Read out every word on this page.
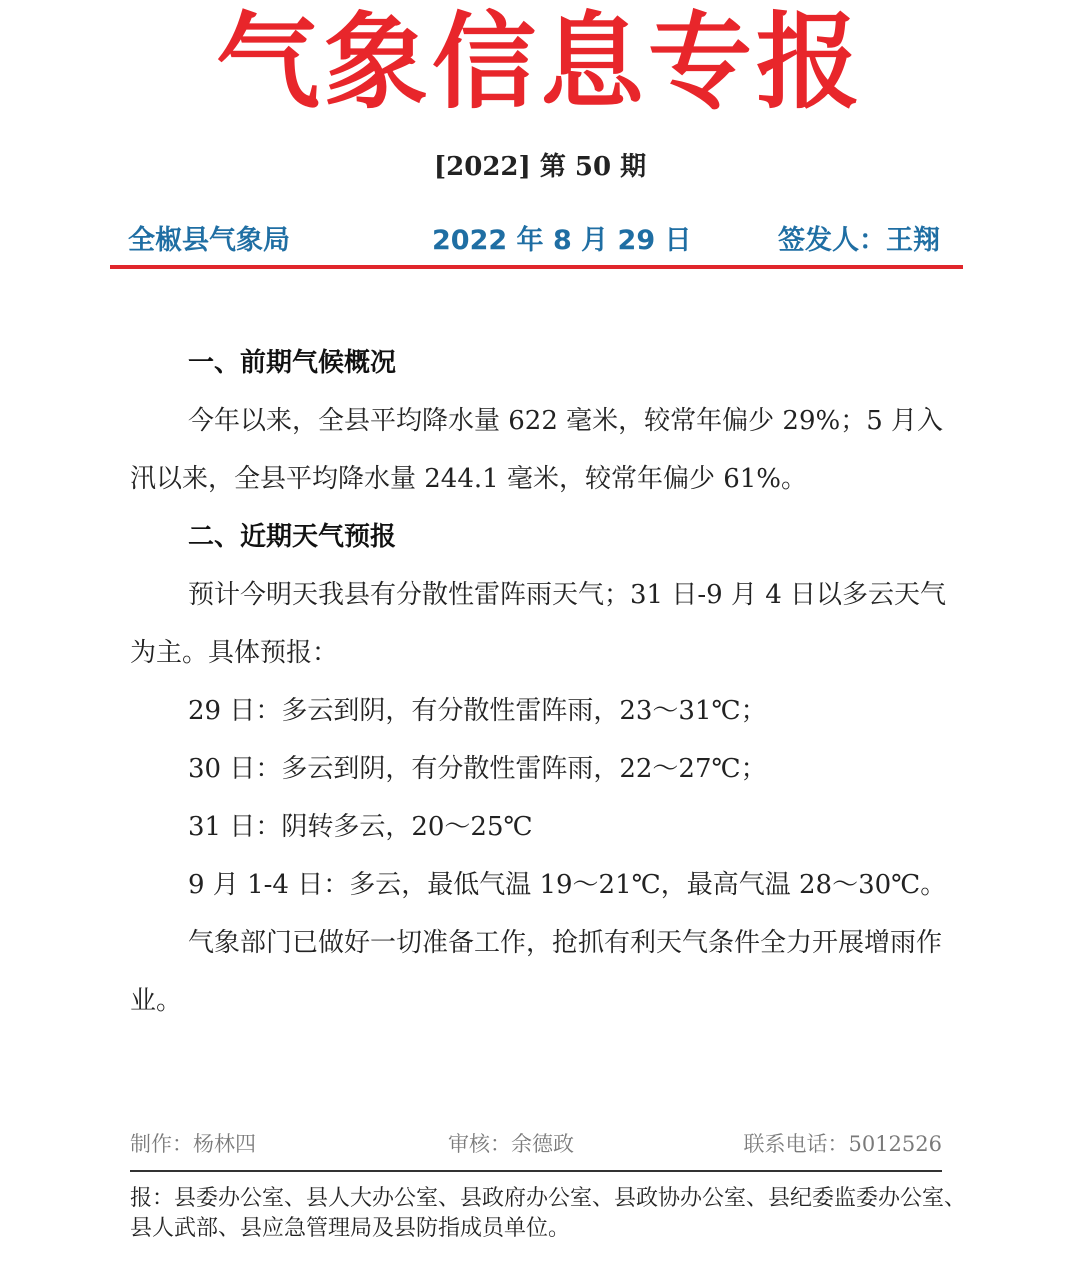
气象信息专报
[2022] 第 50 期
全椒县气象局	2022 年 8 月 29 日	签发人：王翔

一、前期气候概况

今年以来，全县平均降水量 622 毫米，较常年偏少 29%；5 月入汛以来，全县平均降水量 244.1 毫米，较常年偏少 61%。

二、近期天气预报

预计今明天我县有分散性雷阵雨天气；31 日-9 月 4 日以多云天气为主。具体预报：

29 日：多云到阴，有分散性雷阵雨，23～31℃；

30 日：多云到阴，有分散性雷阵雨，22～27℃；

31 日：阴转多云，20～25℃

9 月 1-4 日：多云，最低气温 19～21℃，最高气温 28～30℃。

气象部门已做好一切准备工作，抢抓有利天气条件全力开展增雨作业。

制作：杨林四	审核：余德政	联系电话：5012526
报：县委办公室、县人大办公室、县政府办公室、县政协办公室、县纪委监委办公室、县人武部、县应急管理局及县防指成员单位。
